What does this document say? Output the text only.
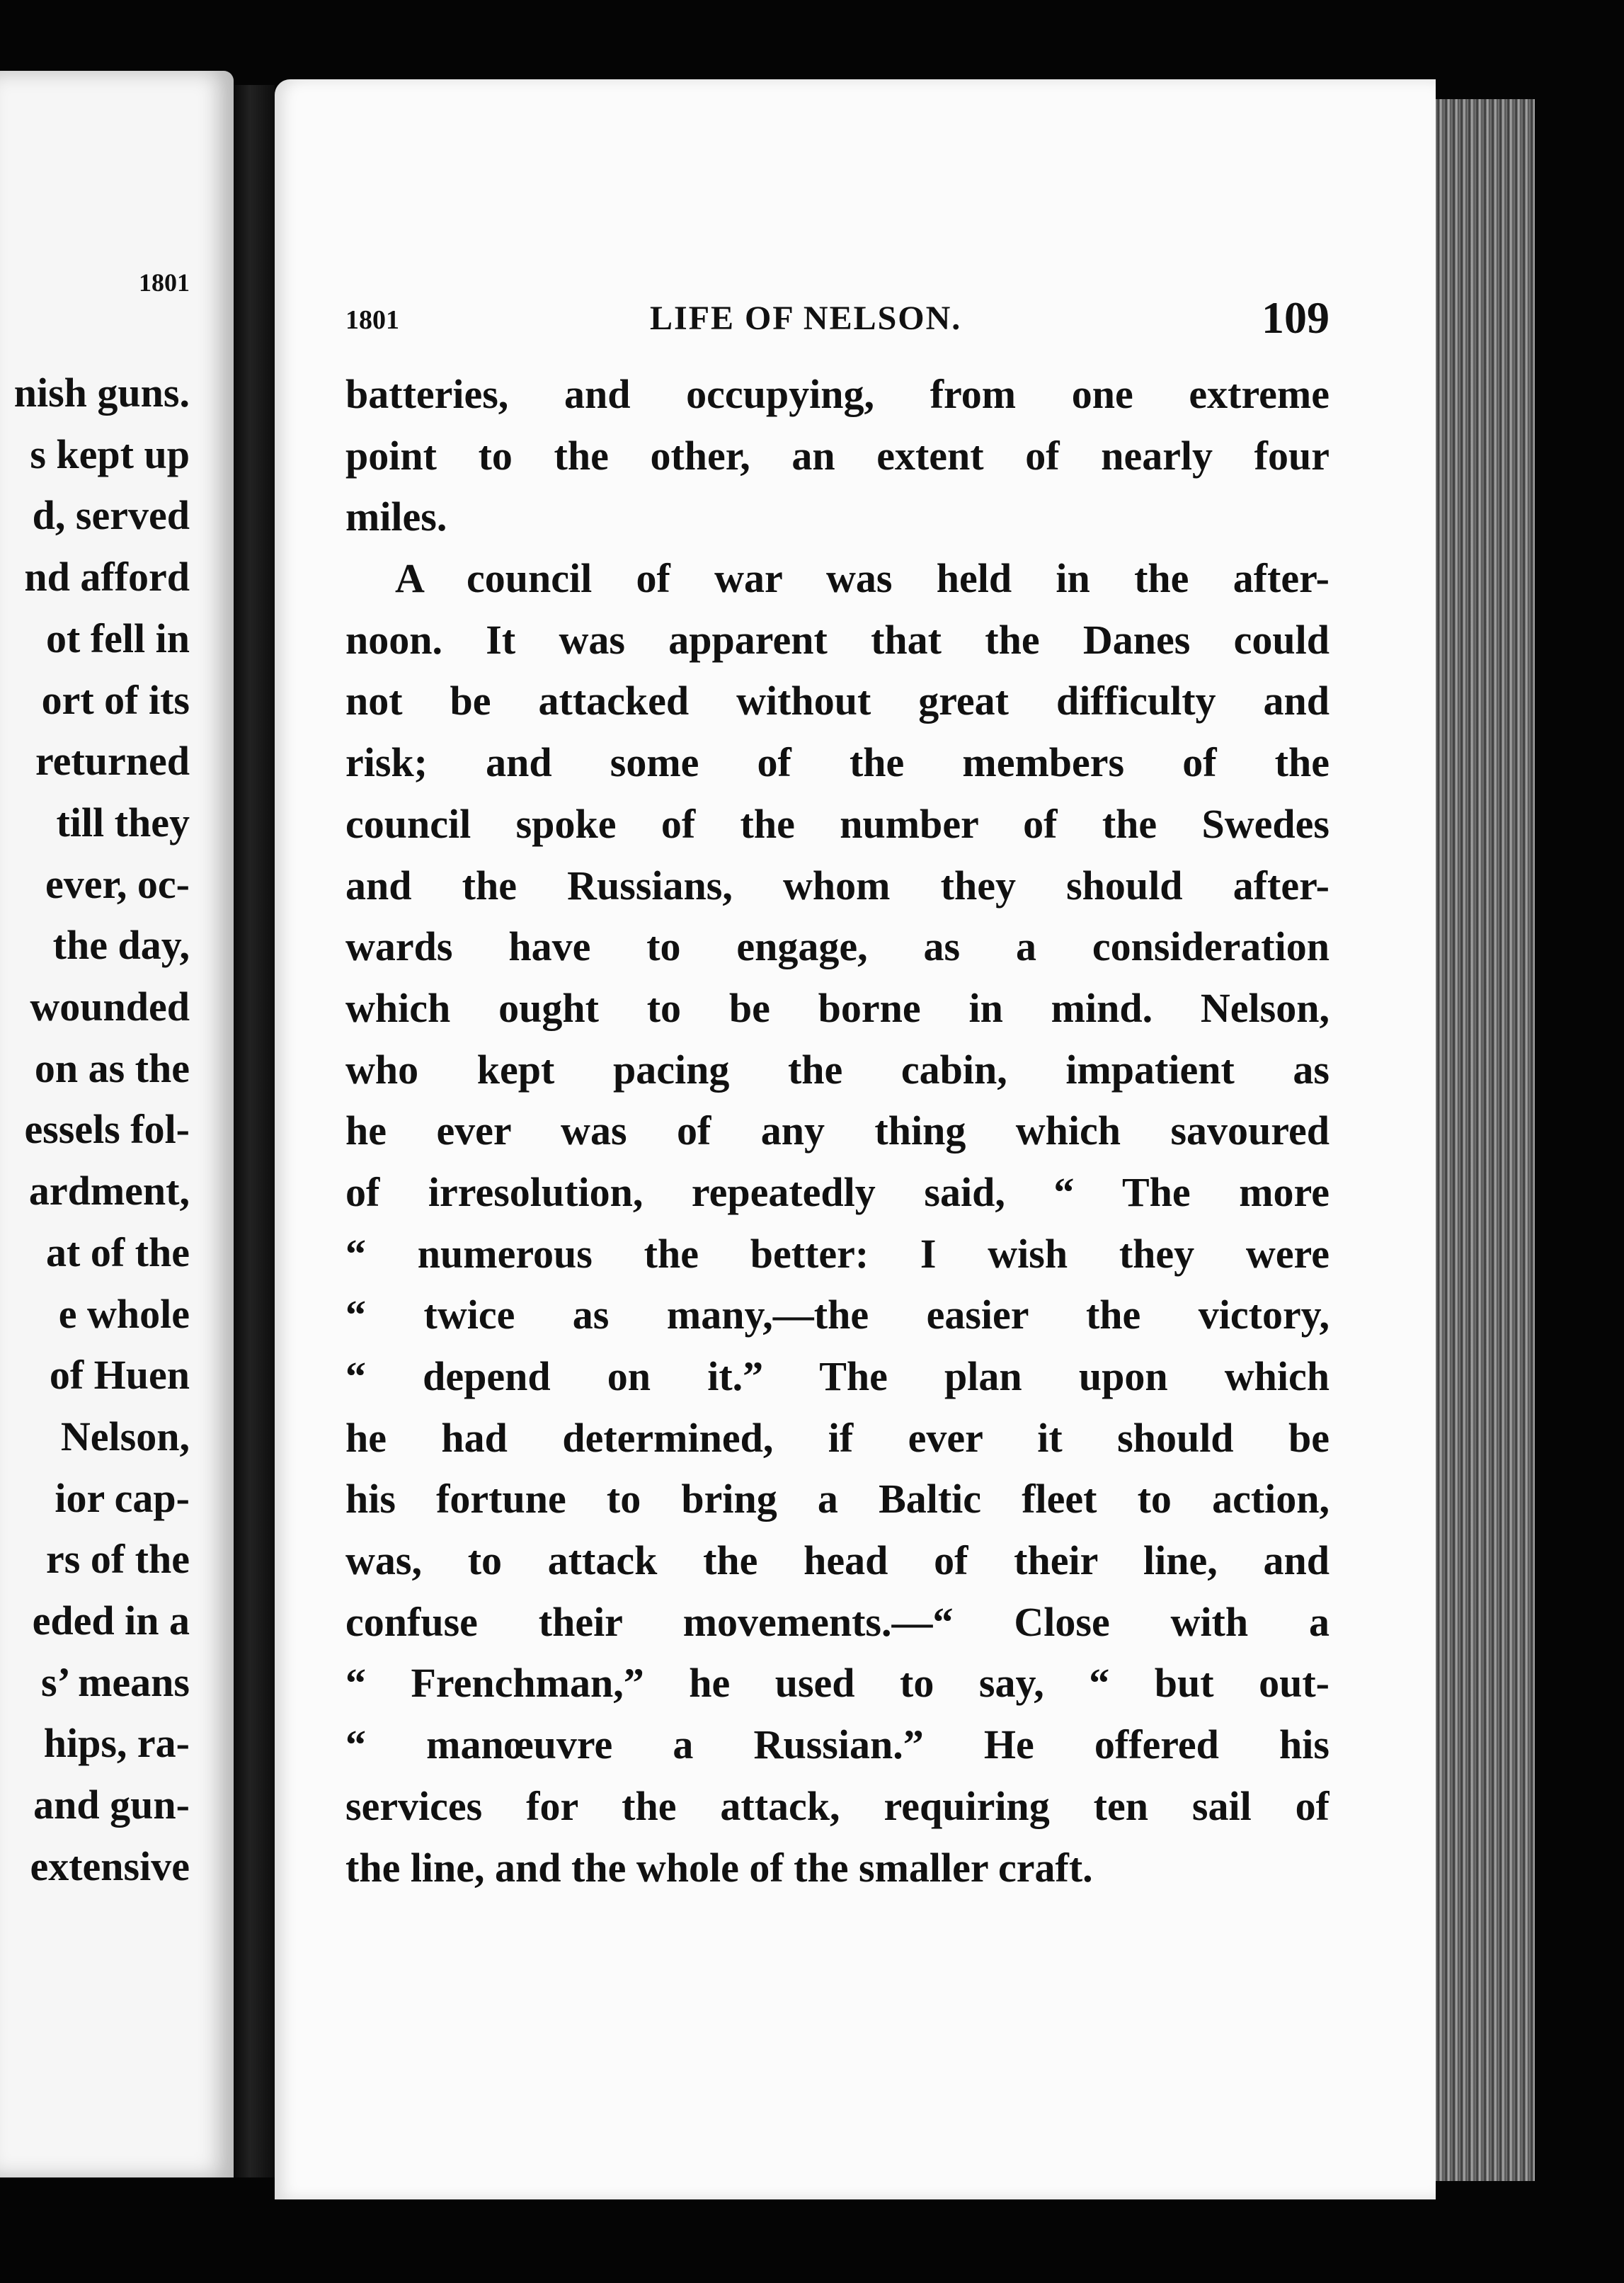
1801
nish guns.
s kept up
d, served
nd afford
ot fell in
ort of its
returned
till they
ever, oc-
the day,
wounded
on as the
essels fol-
ardment,
at of the
e whole
of Huen
Nelson,
ior cap-
rs of the
eded in a
s’ means
hips, ra-
and gun-
extensive
1801	LIFE OF NELSON.	109
batteries, and occupying, from one extreme
point to the other, an extent of nearly four
miles.
A council of war was held in the after-
noon. It was apparent that the Danes could
not be attacked without great difficulty and
risk; and some of the members of the
council spoke of the number of the Swedes
and the Russians, whom they should after-
wards have to engage, as a consideration
which ought to be borne in mind. Nelson,
who kept pacing the cabin, impatient as
he ever was of any thing which savoured
of irresolution, repeatedly said, “ The more
“ numerous the better: I wish they were
“ twice as many,—the easier the victory,
“ depend on it.” The plan upon which
he had determined, if ever it should be
his fortune to bring a Baltic fleet to action,
was, to attack the head of their line, and
confuse their movements.—“ Close with a
“ Frenchman,” he used to say, “ but out-
“ manœuvre a Russian.” He offered his
services for the attack, requiring ten sail of
the line, and the whole of the smaller craft.
